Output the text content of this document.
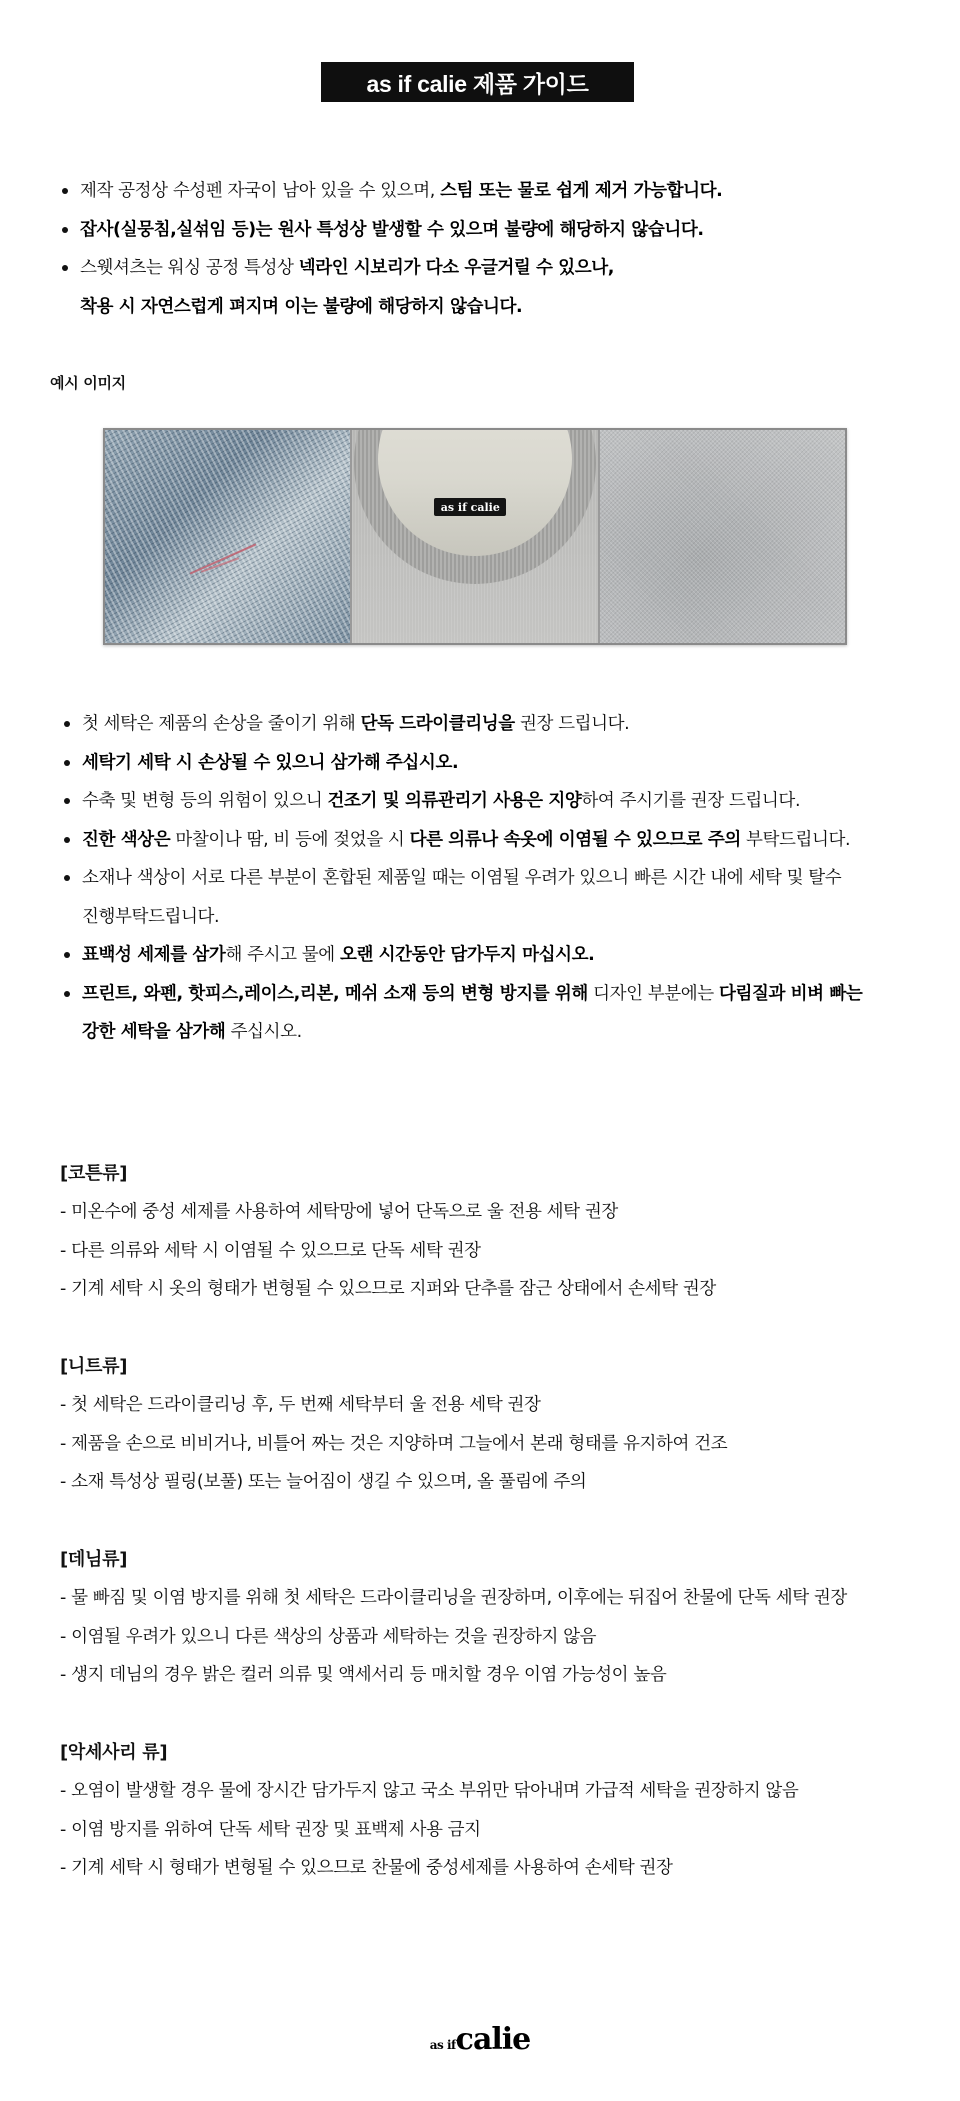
as if calie 제품 가이드
제작 공정상 수성펜 자국이 남아 있을 수 있으며, 스팀 또는 물로 쉽게 제거 가능합니다.
잡사(실뭉침,실섞임 등)는 원사 특성상 발생할 수 있으며 불량에 해당하지 않습니다.
스웻셔츠는 워싱 공정 특성상 넥라인 시보리가 다소 우글거릴 수 있으나,
착용 시 자연스럽게 펴지며 이는 불량에 해당하지 않습니다.
예시 이미지
as if calie
첫 세탁은 제품의 손상을 줄이기 위해 단독 드라이클리닝을 권장 드립니다.
세탁기 세탁 시 손상될 수 있으니 삼가해 주십시오.
수축 및 변형 등의 위험이 있으니 건조기 및 의류관리기 사용은 지양하여 주시기를 권장 드립니다.
진한 색상은 마찰이나 땀, 비 등에 젖었을 시 다른 의류나 속옷에 이염될 수 있으므로 주의 부탁드립니다.
소재나 색상이 서로 다른 부분이 혼합된 제품일 때는 이염될 우려가 있으니 빠른 시간 내에 세탁 및 탈수
진행부탁드립니다.
표백성 세제를 삼가해 주시고 물에 오랜 시간동안 담가두지 마십시오.
프린트, 와펜, 핫피스,레이스,리본, 메쉬 소재 등의 변형 방지를 위해 디자인 부분에는 다림질과 비벼 빠는
강한 세탁을 삼가해 주십시오.
[코튼류]
- 미온수에 중성 세제를 사용하여 세탁망에 넣어 단독으로 울 전용 세탁 권장
- 다른 의류와 세탁 시 이염될 수 있으므로 단독 세탁 권장
- 기계 세탁 시 옷의 형태가 변형될 수 있으므로 지퍼와 단추를 잠근 상태에서 손세탁 권장
[니트류]
- 첫 세탁은 드라이클리닝 후, 두 번째 세탁부터 울 전용 세탁 권장
- 제품을 손으로 비비거나, 비틀어 짜는 것은 지양하며 그늘에서 본래 형태를 유지하여 건조
- 소재 특성상 필링(보풀) 또는 늘어짐이 생길 수 있으며, 올 풀림에 주의
[데님류]
- 물 빠짐 및 이염 방지를 위해 첫 세탁은 드라이클리닝을 권장하며, 이후에는 뒤집어 찬물에 단독 세탁 권장
- 이염될 우려가 있으니 다른 색상의 상품과 세탁하는 것을 권장하지 않음
- 생지 데님의 경우 밝은 컬러 의류 및 액세서리 등 매치할 경우 이염 가능성이 높음
[악세사리 류]
- 오염이 발생할 경우 물에 장시간 담가두지 않고 국소 부위만 닦아내며 가급적 세탁을 권장하지 않음
- 이염 방지를 위하여 단독 세탁 권장 및 표백제 사용 금지
- 기계 세탁 시 형태가 변형될 수 있으므로 찬물에 중성세제를 사용하여 손세탁 권장
as ifcalie
